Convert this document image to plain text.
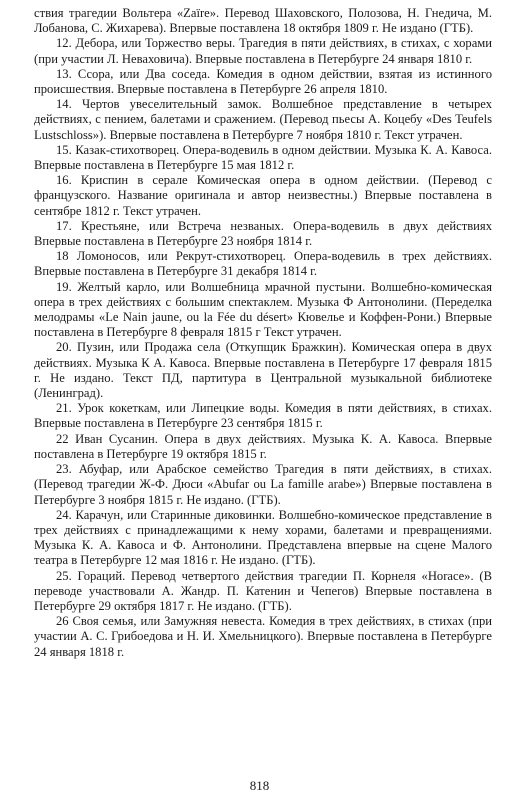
ствия трагедии Вольтера «Zaïre». Перевод Шаховского, Полозова, Н. Гнедича, М. Лобанова, С. Жихарева). Впервые поставлена 18 октября 1809 г. Не издано (ГТБ).

12. Дебора, или Торжество веры. Трагедия в пяти действиях, в стихах, с хорами (при участии Л. Неваховича). Впервые поставлена в Петербурге 24 января 1810 г.

13. Ссора, или Два соседа. Комедия в одном действии, взятая из истинного происшествия. Впервые поставлена в Петербурге 26 апреля 1810.

14. Чертов увеселительный замок. Волшебное представление в четырех действиях, с пением, балетами и сражением. (Перевод пьесы А. Коцебу «Des Teufels Lustschloss»). Впервые поставлена в Петербурге 7 ноября 1810 г. Текст утрачен.

15. Казак-стихотворец. Опера-водевиль в одном действии. Музыка К. А. Кавоса. Впервые поставлена в Петербурге 15 мая 1812 г.

16. Криспин в серале Комическая опера в одном действии. (Перевод с французского. Название оригинала и автор неизвестны.) Впервые поставлена в сентябре 1812 г. Текст утрачен.

17. Крестьяне, или Встреча незваных. Опера-водевиль в двух действиях Впервые поставлена в Петербурге 23 ноября 1814 г.

18 Ломоносов, или Рекрут-стихотворец. Опера-водевиль в трех действиях. Впервые поставлена в Петербурге 31 декабря 1814 г.

19. Желтый карло, или Волшебница мрачной пустыни. Волшебно-комическая опера в трех действиях с большим спектаклем. Музыка Ф Антонолини. (Переделка мелодрамы «Le Nain jaune, ou la Fée du désert» Кювелье и Коффен-Рони.) Впервые поставлена в Петербурге 8 февраля 1815 г Текст утрачен.

20. Пузин, или Продажа села (Откупщик Бражкин). Комическая опера в двух действиях. Музыка К А. Кавоса. Впервые поставлена в Петербурге 17 февраля 1815 г. Не издано. Текст ПД, партитура в Центральной музыкальной библиотеке (Ленинград).

21. Урок кокеткам, или Липецкие воды. Комедия в пяти действиях, в стихах. Впервые поставлена в Петербурге 23 сентября 1815 г.

22 Иван Сусанин. Опера в двух действиях. Музыка К. А. Кавоса. Впервые поставлена в Петербурге 19 октября 1815 г.

23. Абуфар, или Арабское семейство Трагедия в пяти действиях, в стихах. (Перевод трагедии Ж-Ф. Дюси «Abufar ou La famille arabe») Впервые поставлена в Петербурге 3 ноября 1815 г. Не издано. (ГТБ).

24. Карачун, или Старинные диковинки. Волшебно-комическое представление в трех действиях с принадлежащими к нему хорами, балетами и превращениями. Музыка К. А. Кавоса и Ф. Антонолини. Представлена впервые на сцене Малого театра в Петербурге 12 мая 1816 г. Не издано. (ГТБ).

25. Гораций. Перевод четвертого действия трагедии П. Корнеля «Horace». (В переводе участвовали А. Жандр. П. Катенин и Чепегов) Впервые поставлена в Петербурге 29 октября 1817 г. Не издано. (ГТБ).

26 Своя семья, или Замужняя невеста. Комедия в трех действиях, в стихах (при участии А. С. Грибоедова и Н. И. Хмельницкого). Впервые поставлена в Петербурге 24 января 1818 г.

818
